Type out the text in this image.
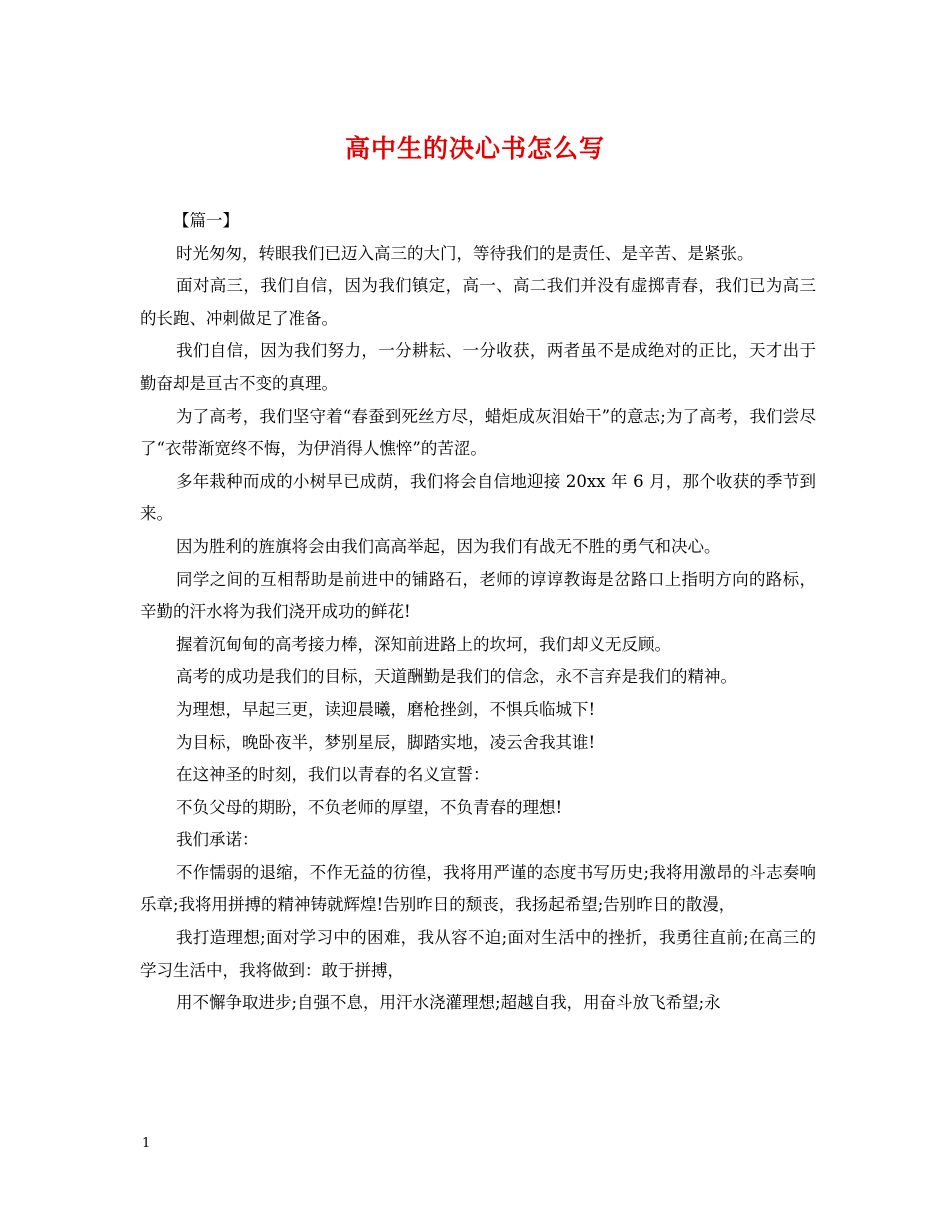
高中生的决心书怎么写
【篇一】

时光匆匆，转眼我们已迈入高三的大门，等待我们的是责任、是辛苦、是紧张。

面对高三，我们自信，因为我们镇定，高一、高二我们并没有虚掷青春，我们已为高三的长跑、冲刺做足了准备。

我们自信，因为我们努力，一分耕耘、一分收获，两者虽不是成绝对的正比，天才出于勤奋却是亘古不变的真理。

为了高考，我们坚守着“春蚕到死丝方尽，蜡炬成灰泪始干”的意志;为了高考，我们尝尽了“衣带渐宽终不悔，为伊消得人憔悴”的苦涩。

多年栽种而成的小树早已成荫，我们将会自信地迎接 20xx 年 6 月，那个收获的季节到来。

因为胜利的旌旗将会由我们高高举起，因为我们有战无不胜的勇气和决心。

同学之间的互相帮助是前进中的铺路石，老师的谆谆教诲是岔路口上指明方向的路标，辛勤的汗水将为我们浇开成功的鲜花!

握着沉甸甸的高考接力棒，深知前进路上的坎坷，我们却义无反顾。

高考的成功是我们的目标，天道酬勤是我们的信念，永不言弃是我们的精神。

为理想，早起三更，读迎晨曦，磨枪挫剑，不惧兵临城下!

为目标，晚卧夜半，梦别星辰，脚踏实地，凌云舍我其谁!

在这神圣的时刻，我们以青春的名义宣誓：

不负父母的期盼，不负老师的厚望，不负青春的理想!

我们承诺：

不作懦弱的退缩，不作无益的彷徨，我将用严谨的态度书写历史;我将用激昂的斗志奏响乐章;我将用拼搏的精神铸就辉煌!告别昨日的颓丧，我扬起希望;告别昨日的散漫，

我打造理想;面对学习中的困难，我从容不迫;面对生活中的挫折，我勇往直前;在高三的学习生活中，我将做到：敢于拼搏，

用不懈争取进步;自强不息，用汗水浇灌理想;超越自我，用奋斗放飞希望;永

1
